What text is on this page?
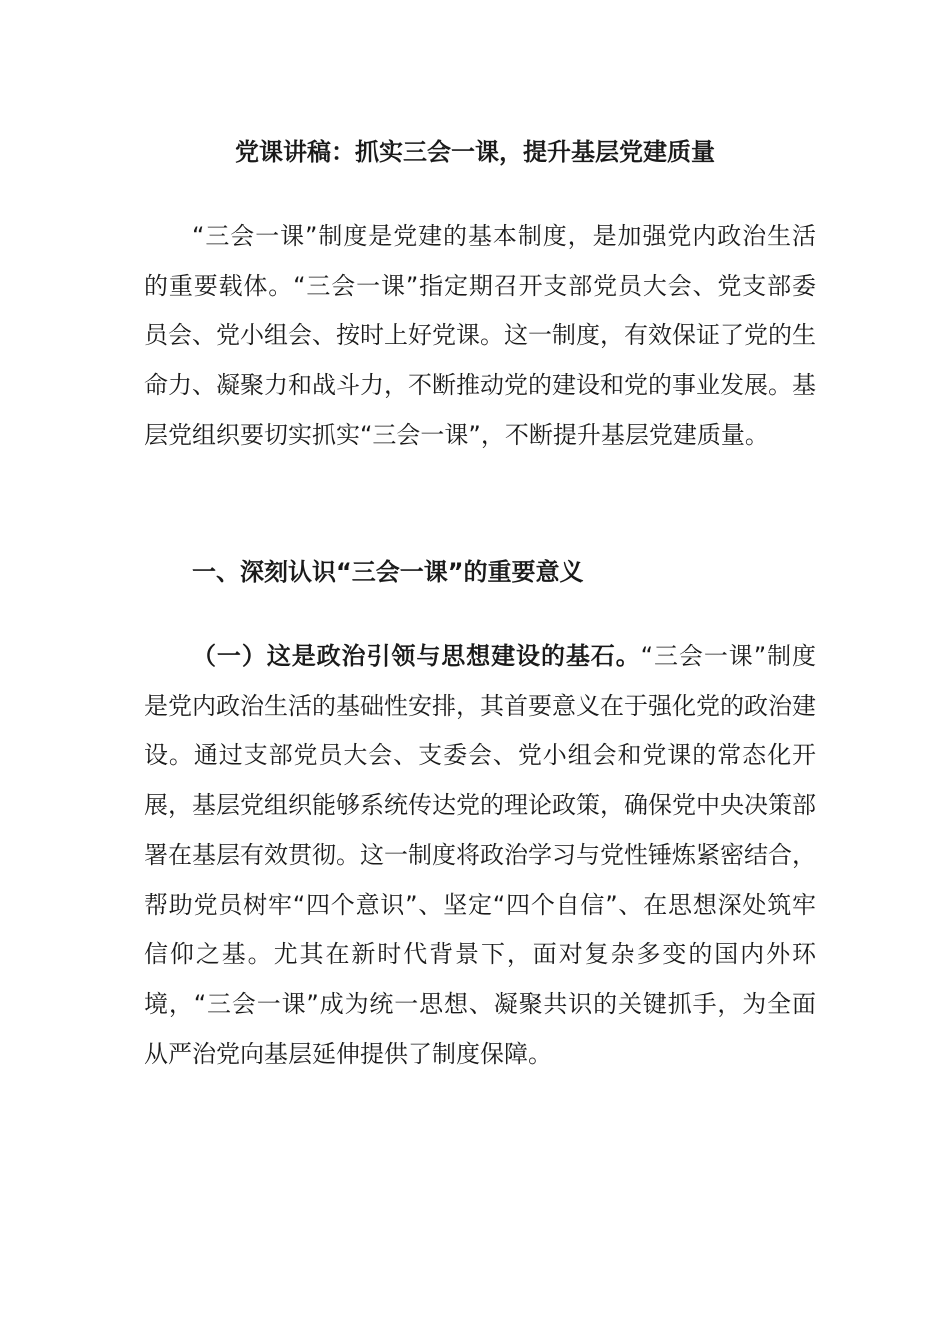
党课讲稿：抓实三会一课，提升基层党建质量

“三会一课”制度是党建的基本制度，是加强党内政治生活的重要载体。“三会一课”指定期召开支部党员大会、党支部委员会、党小组会、按时上好党课。这一制度，有效保证了党的生命力、凝聚力和战斗力，不断推动党的建设和党的事业发展。基层党组织要切实抓实“三会一课”，不断提升基层党建质量。

一、深刻认识“三会一课”的重要意义

（一）这是政治引领与思想建设的基石。“三会一课”制度是党内政治生活的基础性安排，其首要意义在于强化党的政治建设。通过支部党员大会、支委会、党小组会和党课的常态化开展，基层党组织能够系统传达党的理论政策，确保党中央决策部署在基层有效贯彻。这一制度将政治学习与党性锤炼紧密结合，帮助党员树牢“四个意识”、坚定“四个自信”、在思想深处筑牢信仰之基。尤其在新时代背景下，面对复杂多变的国内外环境，“三会一课”成为统一思想、凝聚共识的关键抓手，为全面从严治党向基层延伸提供了制度保障。
